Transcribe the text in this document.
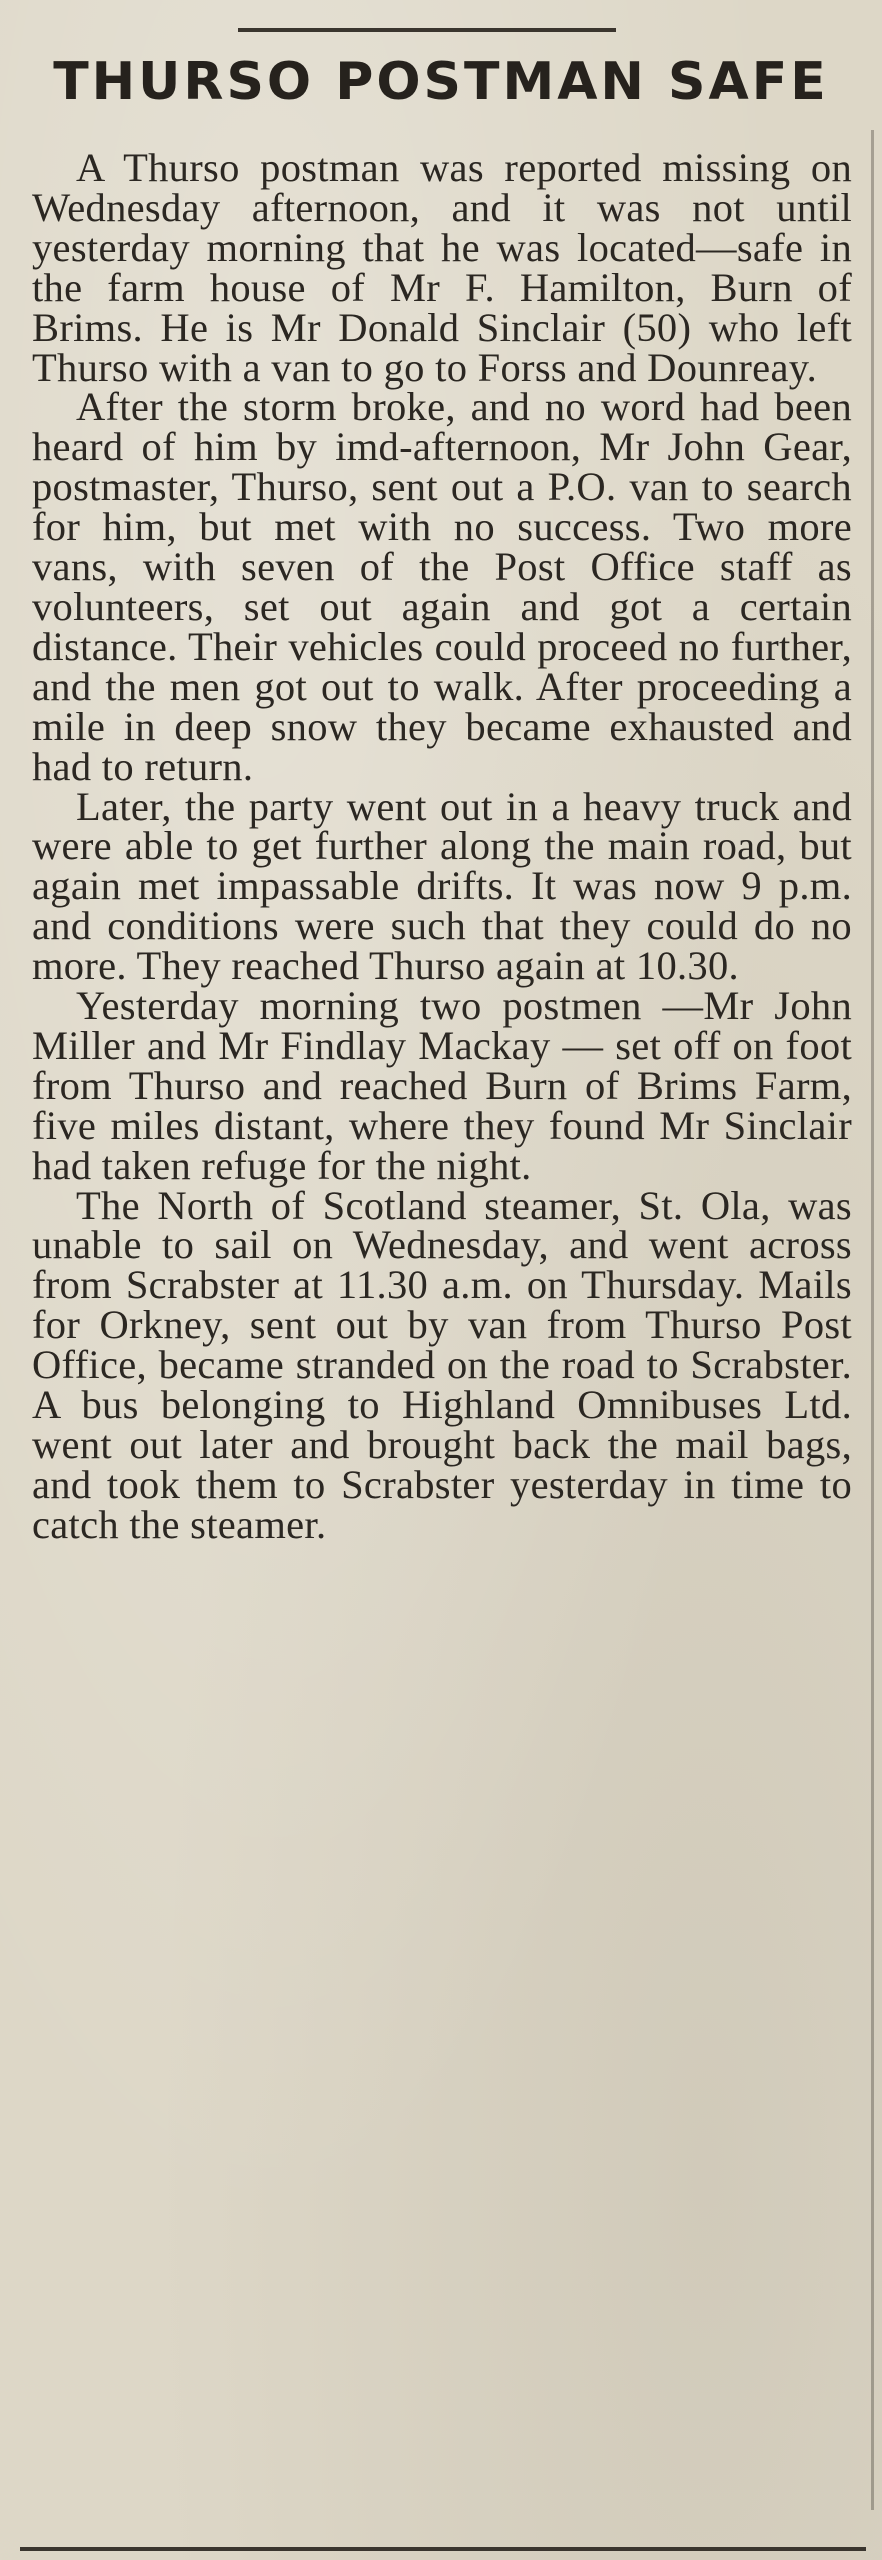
THURSO POSTMAN SAFE

A Thurso postman was reported missing on Wednesday afternoon, and it was not until yesterday morning that he was located—safe in the farm house of Mr F. Hamilton, Burn of Brims. He is Mr Donald Sinclair (50) who left Thurso with a van to go to Forss and Dounreay.

After the storm broke, and no word had been heard of him by imd-afternoon, Mr John Gear, postmaster, Thurso, sent out a P.O. van to search for him, but met with no success. Two more vans, with seven of the Post Office staff as volunteers, set out again and got a certain distance. Their vehicles could proceed no further, and the men got out to walk. After proceeding a mile in deep snow they became exhausted and had to return.

Later, the party went out in a heavy truck and were able to get further along the main road, but again met impassable drifts. It was now 9 p.m. and conditions were such that they could do no more. They reached Thurso again at 10.30.

Yesterday morning two postmen —Mr John Miller and Mr Findlay Mackay — set off on foot from Thurso and reached Burn of Brims Farm, five miles distant, where they found Mr Sinclair had taken refuge for the night.

The North of Scotland steamer, St. Ola, was unable to sail on Wednesday, and went across from Scrabster at 11.30 a.m. on Thursday. Mails for Orkney, sent out by van from Thurso Post Office, became stranded on the road to Scrabster. A bus belonging to Highland Omnibuses Ltd. went out later and brought back the mail bags, and took them to Scrabster yesterday in time to catch the steamer.
